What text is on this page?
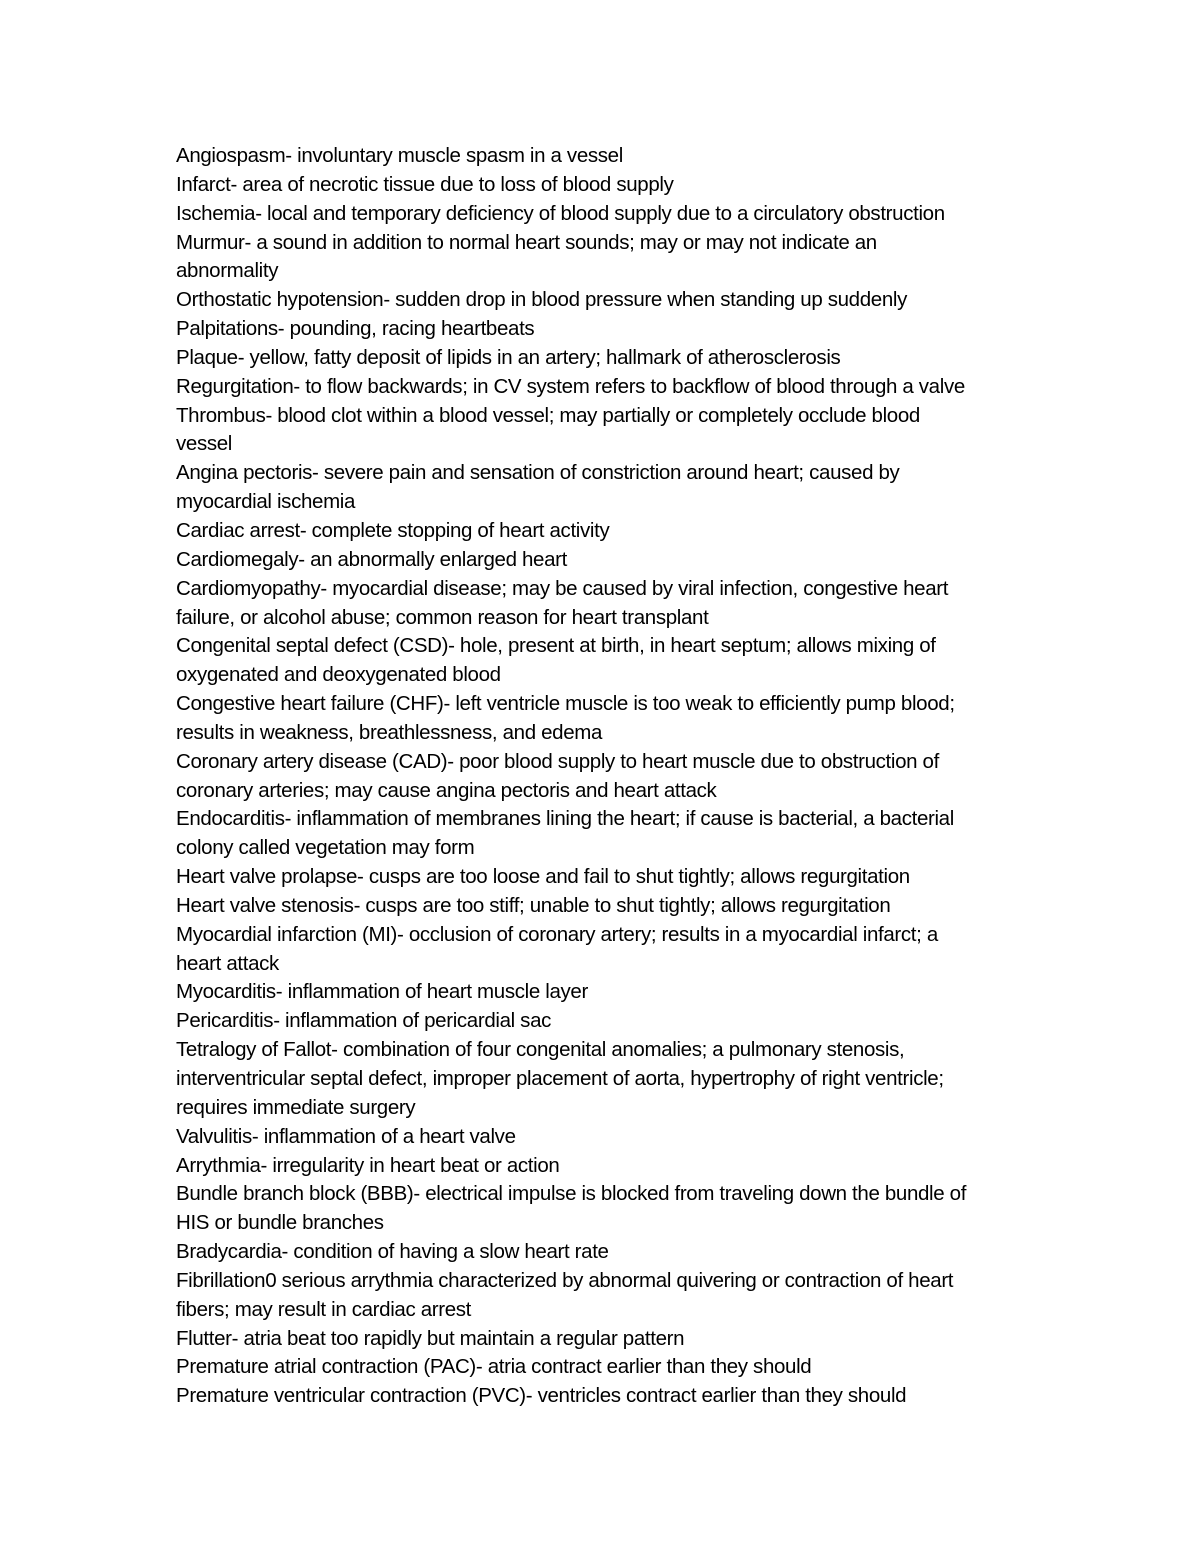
Angiospasm- involuntary muscle spasm in a vessel
Infarct- area of necrotic tissue due to loss of blood supply
Ischemia- local and temporary deficiency of blood supply due to a circulatory obstruction
Murmur- a sound in addition to normal heart sounds; may or may not indicate an
abnormality
Orthostatic hypotension- sudden drop in blood pressure when standing up suddenly
Palpitations- pounding, racing heartbeats
Plaque- yellow, fatty deposit of lipids in an artery; hallmark of atherosclerosis
Regurgitation- to flow backwards; in CV system refers to backflow of blood through a valve
Thrombus- blood clot within a blood vessel; may partially or completely occlude blood
vessel
Angina pectoris- severe pain and sensation of constriction around heart; caused by
myocardial ischemia
Cardiac arrest- complete stopping of heart activity
Cardiomegaly- an abnormally enlarged heart
Cardiomyopathy- myocardial disease; may be caused by viral infection, congestive heart
failure, or alcohol abuse; common reason for heart transplant
Congenital septal defect (CSD)- hole, present at birth, in heart septum; allows mixing of
oxygenated and deoxygenated blood
Congestive heart failure (CHF)- left ventricle muscle is too weak to efficiently pump blood;
results in weakness, breathlessness, and edema
Coronary artery disease (CAD)- poor blood supply to heart muscle due to obstruction of
coronary arteries; may cause angina pectoris and heart attack
Endocarditis- inflammation of membranes lining the heart; if cause is bacterial, a bacterial
colony called vegetation may form
Heart valve prolapse- cusps are too loose and fail to shut tightly; allows regurgitation
Heart valve stenosis- cusps are too stiff; unable to shut tightly; allows regurgitation
Myocardial infarction (MI)- occlusion of coronary artery; results in a myocardial infarct; a
heart attack
Myocarditis- inflammation of heart muscle layer
Pericarditis- inflammation of pericardial sac
Tetralogy of Fallot- combination of four congenital anomalies; a pulmonary stenosis,
interventricular septal defect, improper placement of aorta, hypertrophy of right ventricle;
requires immediate surgery
Valvulitis- inflammation of a heart valve
Arrythmia- irregularity in heart beat or action
Bundle branch block (BBB)- electrical impulse is blocked from traveling down the bundle of
HIS or bundle branches
Bradycardia- condition of having a slow heart rate
Fibrillation0 serious arrythmia characterized by abnormal quivering or contraction of heart
fibers; may result in cardiac arrest
Flutter- atria beat too rapidly but maintain a regular pattern
Premature atrial contraction (PAC)- atria contract earlier than they should
Premature ventricular contraction (PVC)- ventricles contract earlier than they should
